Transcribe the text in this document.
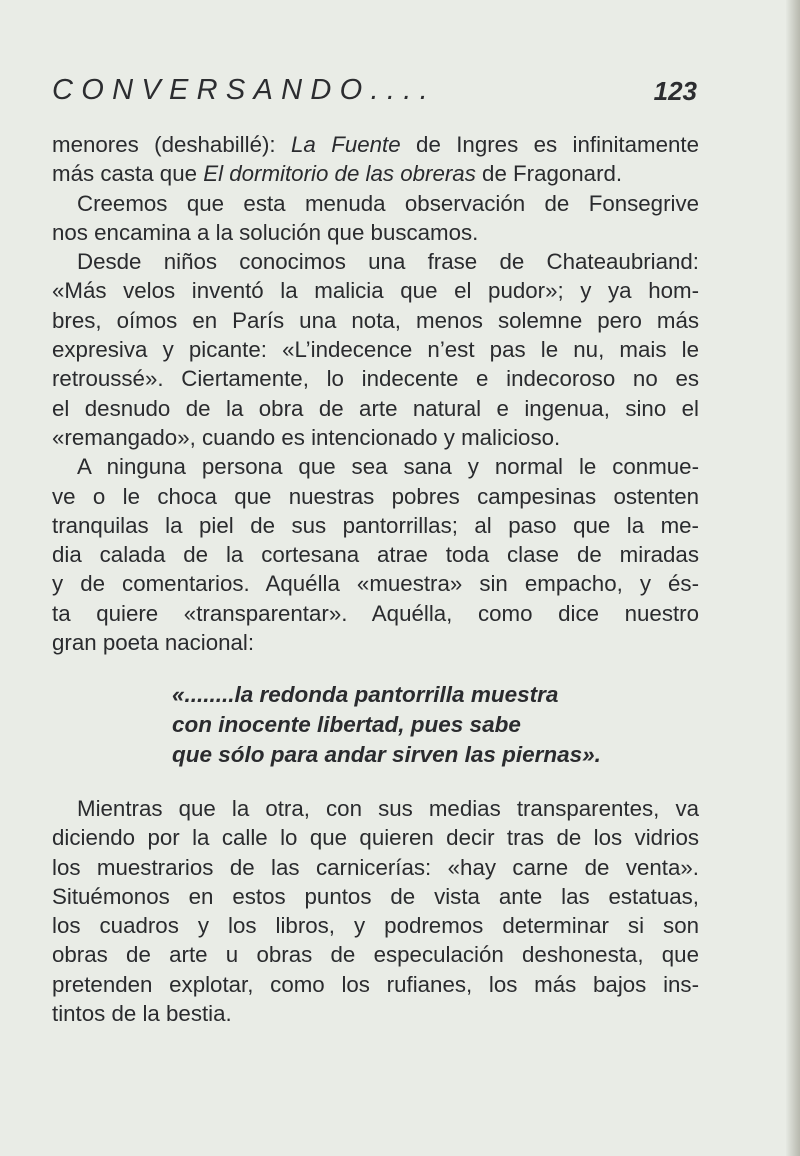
CONVERSANDO....	123
menores (deshabillé): La Fuente de Ingres es infinitamente
más casta que El dormitorio de las obreras de Fragonard.
Creemos que esta menuda observación de Fonsegrive
nos encamina a la solución que buscamos.
Desde niños conocimos una frase de Chateaubriand:
«Más velos inventó la malicia que el pudor»; y ya hom-
bres, oímos en París una nota, menos solemne pero más
expresiva y picante: «L’indecence n’est pas le nu, mais le
retroussé». Ciertamente, lo indecente e indecoroso no es
el desnudo de la obra de arte natural e ingenua, sino el
«remangado», cuando es intencionado y malicioso.
A ninguna persona que sea sana y normal le conmue-
ve o le choca que nuestras pobres campesinas ostenten
tranquilas la piel de sus pantorrillas; al paso que la me-
dia calada de la cortesana atrae toda clase de miradas
y de comentarios. Aquélla «muestra» sin empacho, y és-
ta quiere «transparentar». Aquélla, como dice nuestro
gran poeta nacional:
«........la redonda pantorrilla muestra
con inocente libertad, pues sabe
que sólo para andar sirven las piernas».
Mientras que la otra, con sus medias transparentes, va
diciendo por la calle lo que quieren decir tras de los vidrios
los muestrarios de las carnicerías: «hay carne de venta».
Situémonos en estos puntos de vista ante las estatuas,
los cuadros y los libros, y podremos determinar si son
obras de arte u obras de especulación deshonesta, que
pretenden explotar, como los rufianes, los más bajos ins-
tintos de la bestia.
